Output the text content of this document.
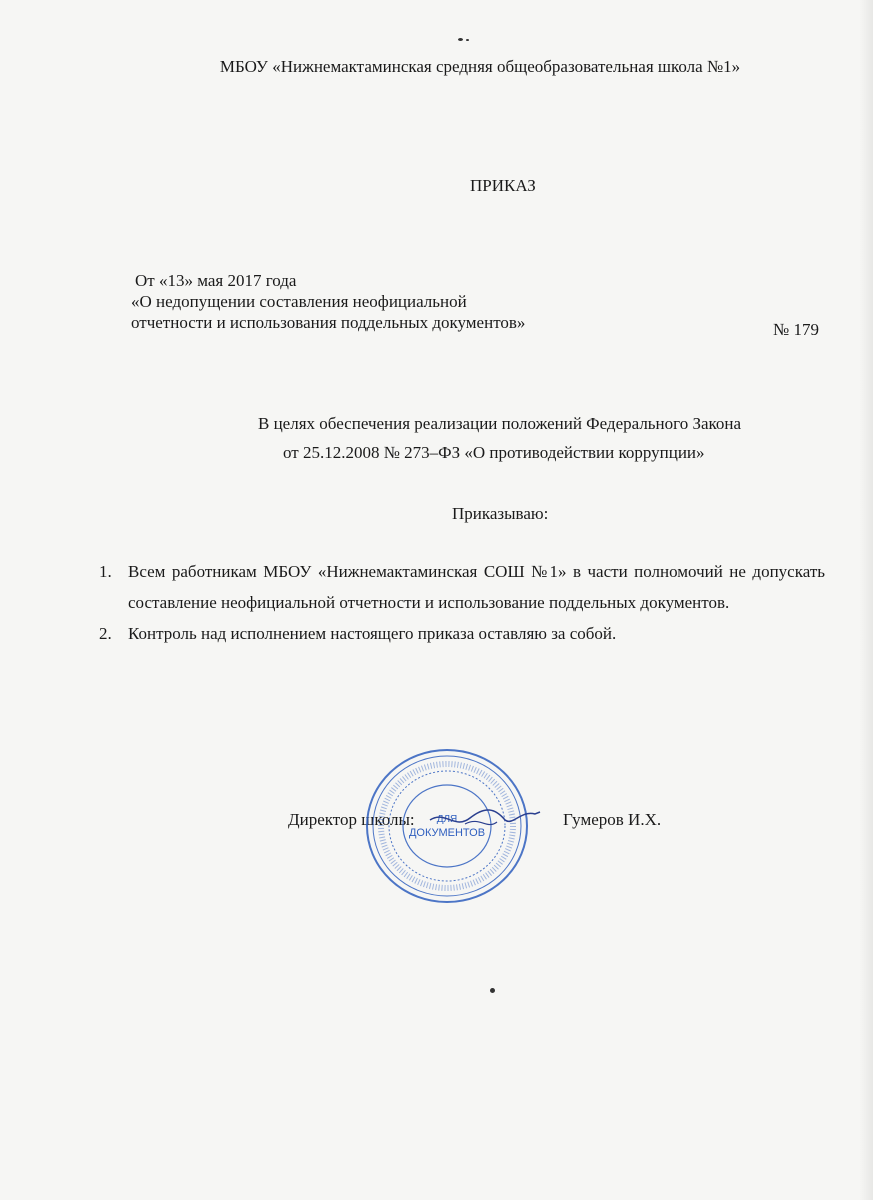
МБОУ «Нижнемактаминская средняя общеобразовательная школа №1»
ПРИКАЗ
От «13» мая 2017 года
«О недопущении составления неофициальной
отчетности и использования поддельных документов»	№ 179
В целях обеспечения реализации положений Федерального Закона
от 25.12.2008 № 273–ФЗ «О противодействии коррупции»
Приказываю:
1. Всем работникам МБОУ «Нижнемактаминская СОШ №1» в части полномочий не допускать
составление неофициальной отчетности и использование поддельных документов.
2. Контроль над исполнением настоящего приказа оставляю за собой.
Директор школы:	Гумеров И.Х.
ДЛЯ
ДОКУМЕНТОВ
